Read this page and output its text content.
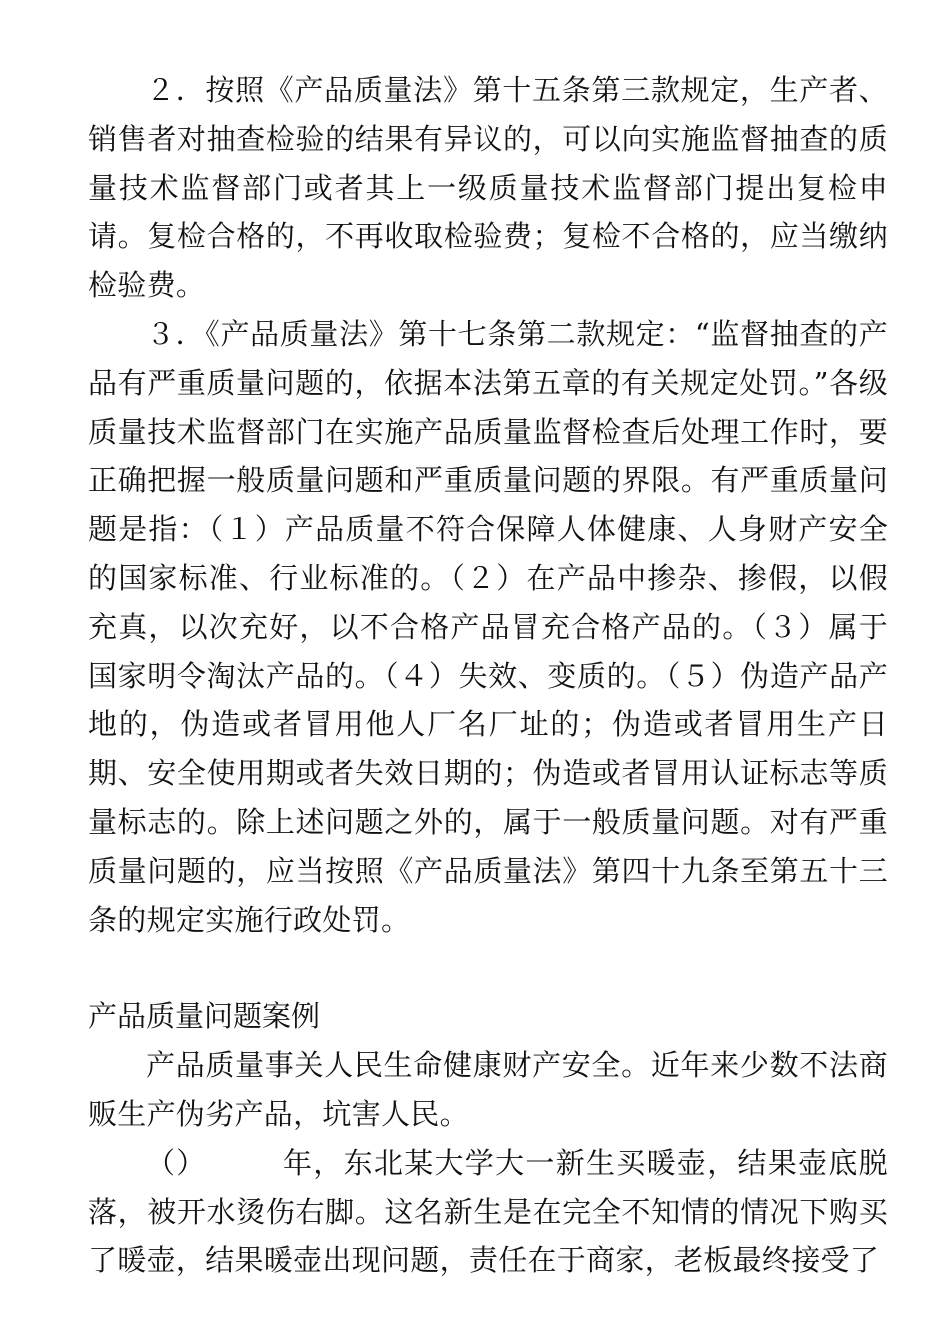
２．按照《产品质量法》第十五条第三款规定，生产者、销售者对抽查检验的结果有异议的，可以向实施监督抽查的质量技术监督部门或者其上一级质量技术监督部门提出复检申请。复检合格的，不再收取检验费；复检不合格的，应当缴纳检验费。

３．《产品质量法》第十七条第二款规定：“监督抽查的产品有严重质量问题的，依据本法第五章的有关规定处罚。”各级质量技术监督部门在实施产品质量监督检查后处理工作时，要正确把握一般质量问题和严重质量问题的界限。有严重质量问题是指：（１）产品质量不符合保障人体健康、人身财产安全的国家标准、行业标准的。（２）在产品中掺杂、掺假，以假充真，以次充好，以不合格产品冒充合格产品的。（３）属于国家明令淘汰产品的。（４）失效、变质的。（５）伪造产品产地的，伪造或者冒用他人厂名厂址的；伪造或者冒用生产日期、安全使用期或者失效日期的；伪造或者冒用认证标志等质量标志的。除上述问题之外的，属于一般质量问题。对有严重质量问题的，应当按照《产品质量法》第四十九条至第五十三条的规定实施行政处罚。

产品质量问题案例

产品质量事关人民生命健康财产安全。近年来少数不法商贩生产伪劣产品，坑害人民。

（）　　　年，东北某大学大一新生买暖壶，结果壶底脱落，被开水烫伤右脚。这名新生是在完全不知情的情况下购买了暖壶，结果暖壶出现问题，责任在于商家，老板最终接受了
